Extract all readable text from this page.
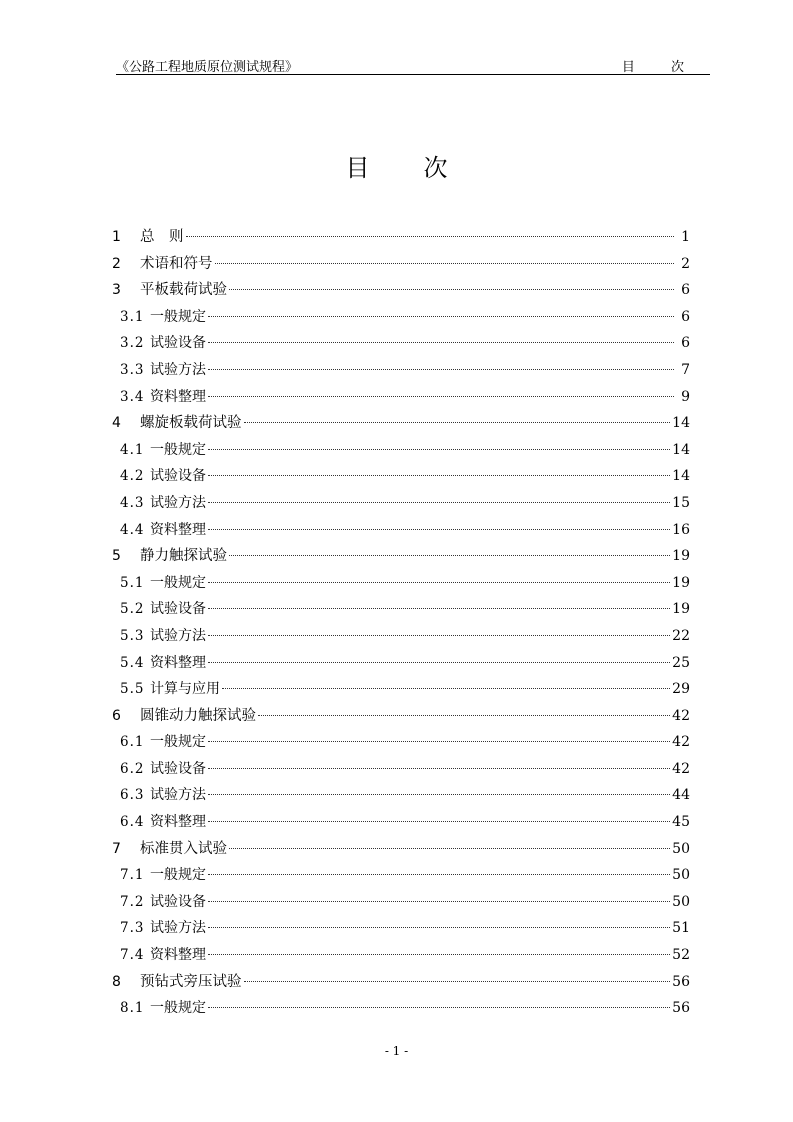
《公路工程地质原位测试规程》	目 次
目次
1	总　则	1
2	术语和符号	2
3	平板载荷试验	6
3.1 一般规定	6
3.2 试验设备	6
3.3 试验方法	7
3.4 资料整理	9
4	螺旋板载荷试验	14
4.1 一般规定	14
4.2 试验设备	14
4.3 试验方法	15
4.4 资料整理	16
5	静力触探试验	19
5.1 一般规定	19
5.2 试验设备	19
5.3 试验方法	22
5.4 资料整理	25
5.5 计算与应用	29
6	圆锥动力触探试验	42
6.1 一般规定	42
6.2 试验设备	42
6.3 试验方法	44
6.4 资料整理	45
7	标准贯入试验	50
7.1 一般规定	50
7.2 试验设备	50
7.3 试验方法	51
7.4 资料整理	52
8	预钻式旁压试验	56
8.1 一般规定	56
- 1 -
